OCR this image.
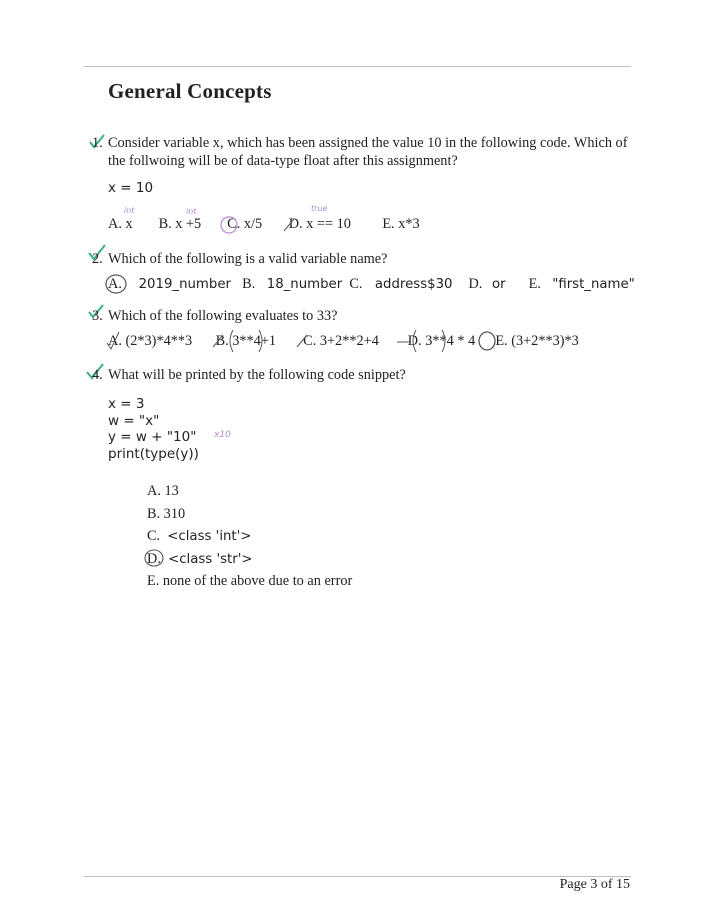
General Concepts
1. Consider variable x, which has been assigned the value 10 in the following code. Which of
the follwoing will be of data-type float after this assignment?
x = 10
int	int	true
A. x B. x +5 C. x/5 D. x == 10 E. x*3
2. Which of the following is a valid variable name?
A. 2019_number B. 18_number C. address$30 D. or E. "first_name"
3. Which of the following evaluates to 33?
A. (2*3)*4**3 B. 3**4+1 C. 3+2**2+4 D. 3**4 * 4 E. (3+2**3)*3
4. What will be printed by the following code snippet?
x = 3
w = "x"
y = w + "10"
print(type(y))
x10
A. 13
B. 310
C. <class 'int'>
D. <class 'str'>
E. none of the above due to an error
Page 3 of 15
